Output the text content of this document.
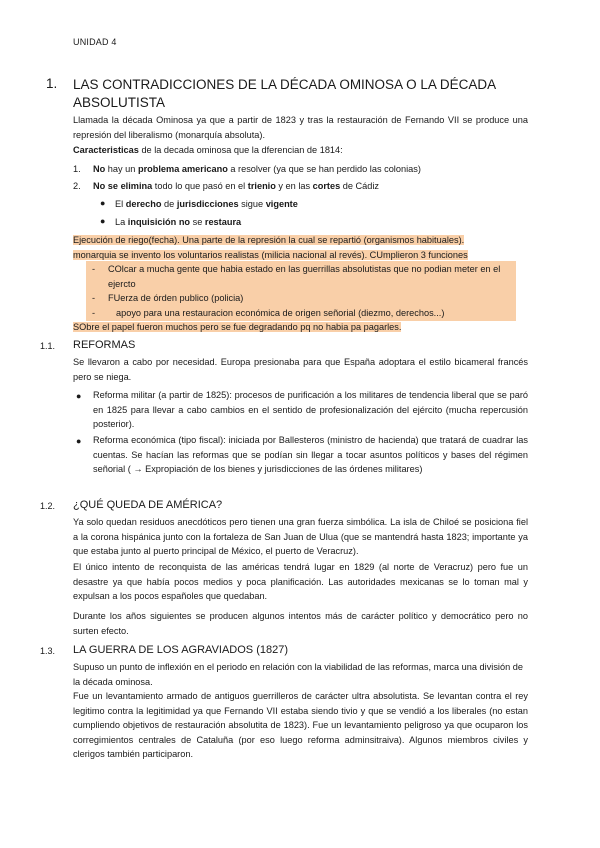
UNIDAD 4
1. LAS CONTRADICCIONES DE LA DÉCADA OMINOSA O LA DÉCADA ABSOLUTISTA
Llamada la década Ominosa ya que a partir de 1823 y tras la restauración de Fernando VII se produce una represión del liberalismo (monarquía absoluta).
Caracteristicas de la decada ominosa que la dferencian de 1814:
1. No hay un problema americano a resolver (ya que se han perdido las colonias)
2. No se elimina todo lo que pasó en el trienio y en las cortes de Cádiz
● El derecho de jurisdicciones sigue vigente
● La inquisición no se restaura
Ejecución de riego(fecha). Una parte de la represión la cual se repartió (organismos habituales).
monarquia se invento los voluntarios realistas (milicia nacional al revés). CUmplieron 3 funciones
- COlcar a mucha gente que habia estado en las guerrillas absolutistas que no podian meter en el ejercto
- FUerza de órden publico (policia)
- apoyo para una restauracion económica de origen señorial (diezmo, derechos...)
SObre el papel fueron muchos pero se fue degradando pq no habia pa pagarles.
1.1. REFORMAS
Se llevaron a cabo por necesidad. Europa presionaba para que España adoptara el estilo bicameral francés pero se niega.
● Reforma militar (a partir de 1825): procesos de purificación a los militares de tendencia liberal que se paró en 1825 para llevar a cabo cambios en el sentido de profesionalización del ejército (mucha repercusión posterior).
● Reforma económica (tipo fiscal): iniciada por Ballesteros (ministro de hacienda) que tratará de cuadrar las cuentas. Se hacían las reformas que se podían sin llegar a tocar asuntos políticos y bases del régimen señorial ( → Expropiación de los bienes y jurisdicciones de las órdenes militares)
1.2. ¿QUÉ QUEDA DE AMÉRICA?
Ya solo quedan residuos anecdóticos pero tienen una gran fuerza simbólica. La isla de Chiloé se posiciona fiel a la corona hispánica junto con la fortaleza de San Juan de Ulua (que se mantendrá hasta 1823; importante ya que estaba junto al puerto principal de México, el puerto de Veracruz).
El único intento de reconquista de las américas tendrá lugar en 1829 (al norte de Veracruz) pero fue un desastre ya que había pocos medios y poca planificación. Las autoridades mexicanas se lo toman mal y expulsan a los pocos españoles que quedaban.
Durante los años siguientes se producen algunos intentos más de carácter político y democrático pero no surten efecto.
1.3. LA GUERRA DE LOS AGRAVIADOS (1827)
Supuso un punto de inflexión en el periodo en relación con la viabilidad de las reformas, marca una división de la década ominosa.
Fue un levantamiento armado de antiguos guerrilleros de carácter ultra absolutista. Se levantan contra el rey legitimo contra la legitimidad ya que Fernando VII estaba siendo tivio y que se vendió a los liberales (no estan cumpliendo objetivos de restauración absolutita de 1823). Fue un levantamiento peligroso ya que ocuparon los corregimientos centrales de Cataluña (por eso luego reforma adminsitraiva). Algunos miembros civiles y clerigos también participaron.
